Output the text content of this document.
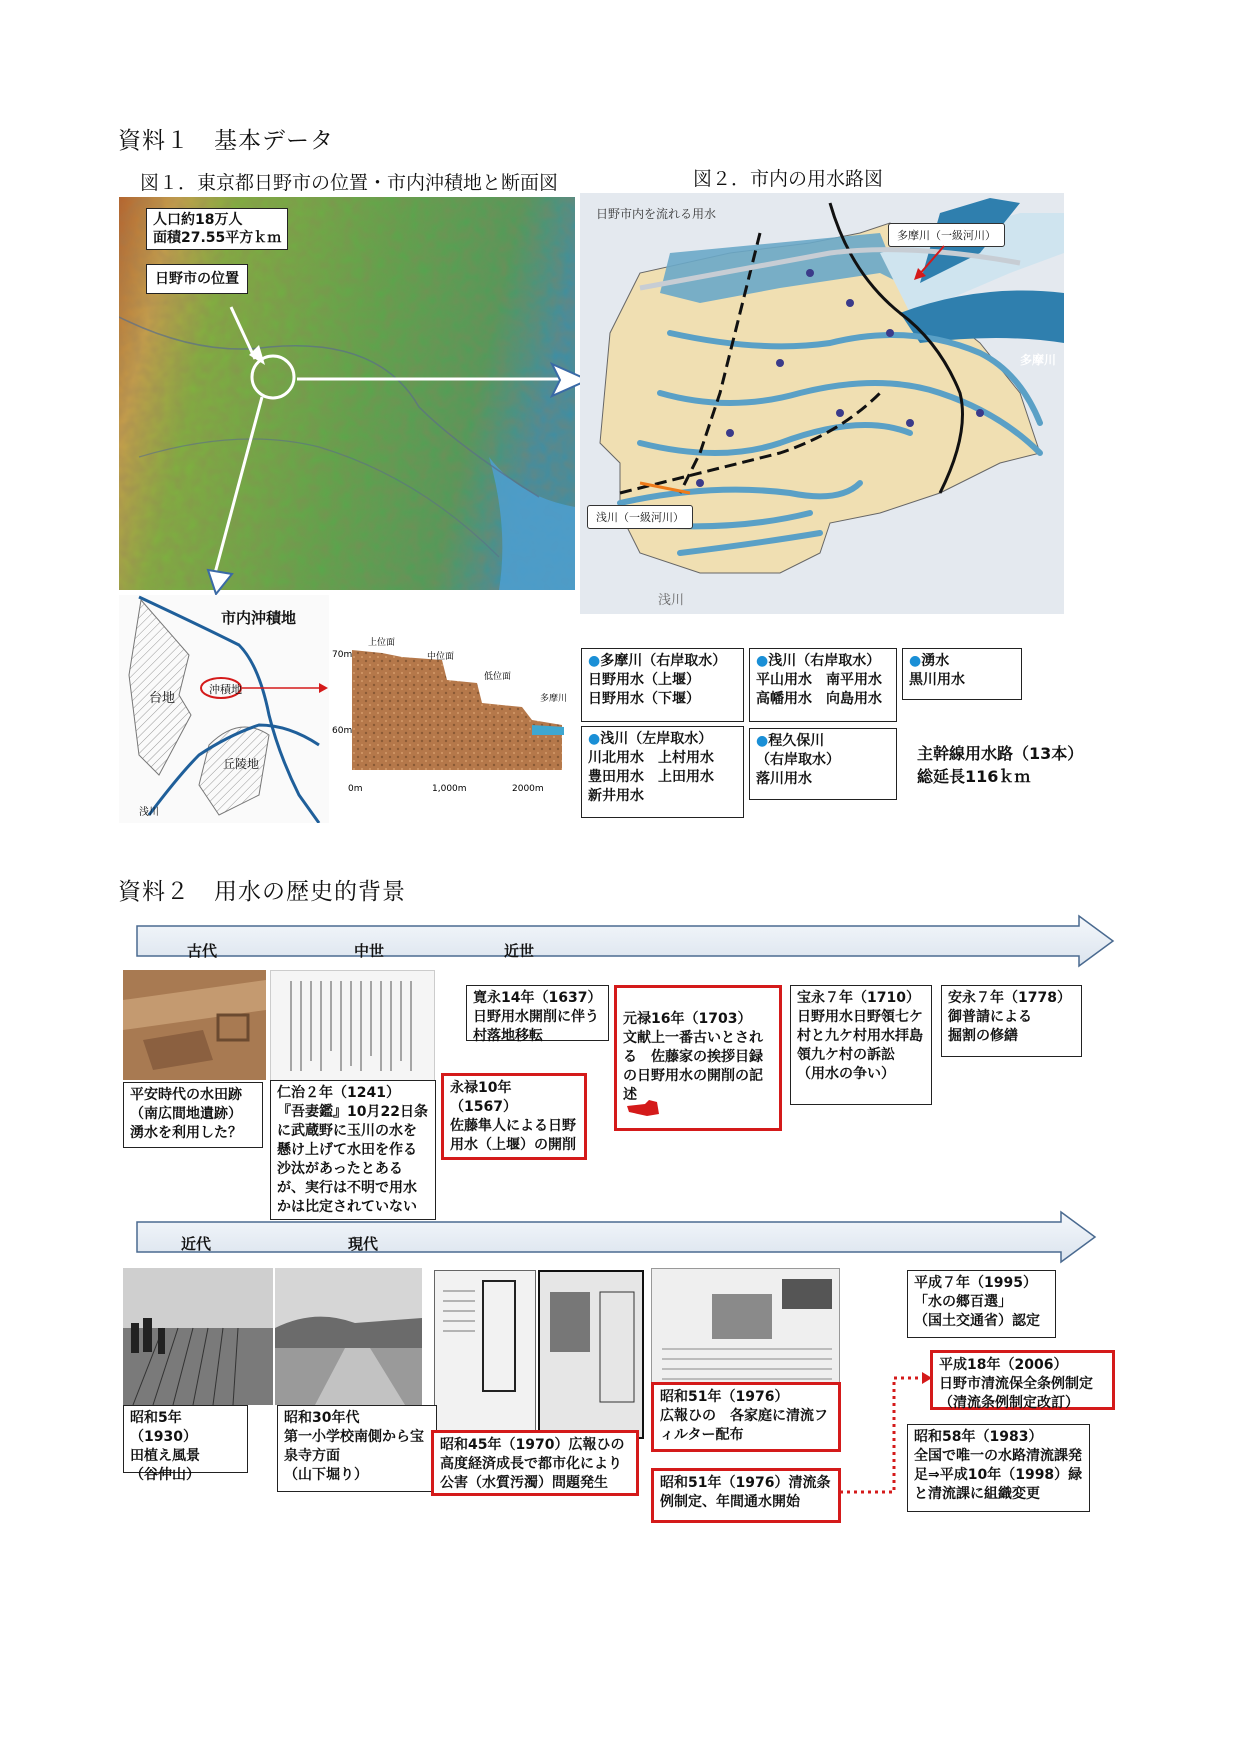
資料１　基本データ
図１．東京都日野市の位置・市内沖積地と断面図	図２．市内の用水路図
人口約18万人
面積27.55平方ｋｍ
日野市の位置
日野市内を流れる用水
多摩川
浅川
多摩川（一級河川）
浅川（一級河川）
市内沖積地
台地
沖積地
丘陵地
浅川
上位面
中位面
低位面
多摩川
70m
60m
0m	1,000m	2000m
●多摩川（右岸取水）
日野用水（上堰）
日野用水（下堰）
●浅川（右岸取水）
平山用水　南平用水
高幡用水　向島用水
●湧水
黒川用水
●浅川（左岸取水）
川北用水　上村用水
豊田用水　上田用水
新井用水
●程久保川
（右岸取水）
落川用水
主幹線用水路（13本）
総延長116ｋｍ
資料２　用水の歴史的背景
古代	中世	近世
平安時代の水田跡
（南広間地遺跡）
湧水を利用した？
仁治２年（1241）
『吾妻鑑』10月22日条に武蔵野に玉川の水を懸け上げて水田を作る沙汰があったとあるが、実行は不明で用水かは比定されていない
寛永14年（1637）
日野用水開削に伴う村落地移転
永禄10年（1567）
佐藤隼人による日野用水（上堰）の開削

元禄16年（1703）
文献上一番古いとされる　佐藤家の挨拶目録の日野用水の開削の記述

宝永７年（1710）
日野用水日野領七ケ村と九ケ村用水拝島領九ケ村の訴訟
（用水の争い）
安永７年（1778）
御普請による
掘割の修繕
近代	現代
昭和5年（1930）
田植え風景
（谷仲山）
昭和30年代
第一小学校南側から宝泉寺方面
（山下堀り）
昭和45年（1970）広報ひの
高度経済成長で都市化により
公害（水質汚濁）問題発生
昭和51年（1976）
広報ひの　各家庭に清流フィルター配布
昭和51年（1976）清流条例制定、年間通水開始
平成７年（1995）
「水の郷百選」
（国土交通省）認定
平成18年（2006）
日野市清流保全条例制定
（清流条例制定改訂）
昭和58年（1983）
全国で唯一の水路清流課発足⇒平成10年（1998）緑と清流課に組織変更
